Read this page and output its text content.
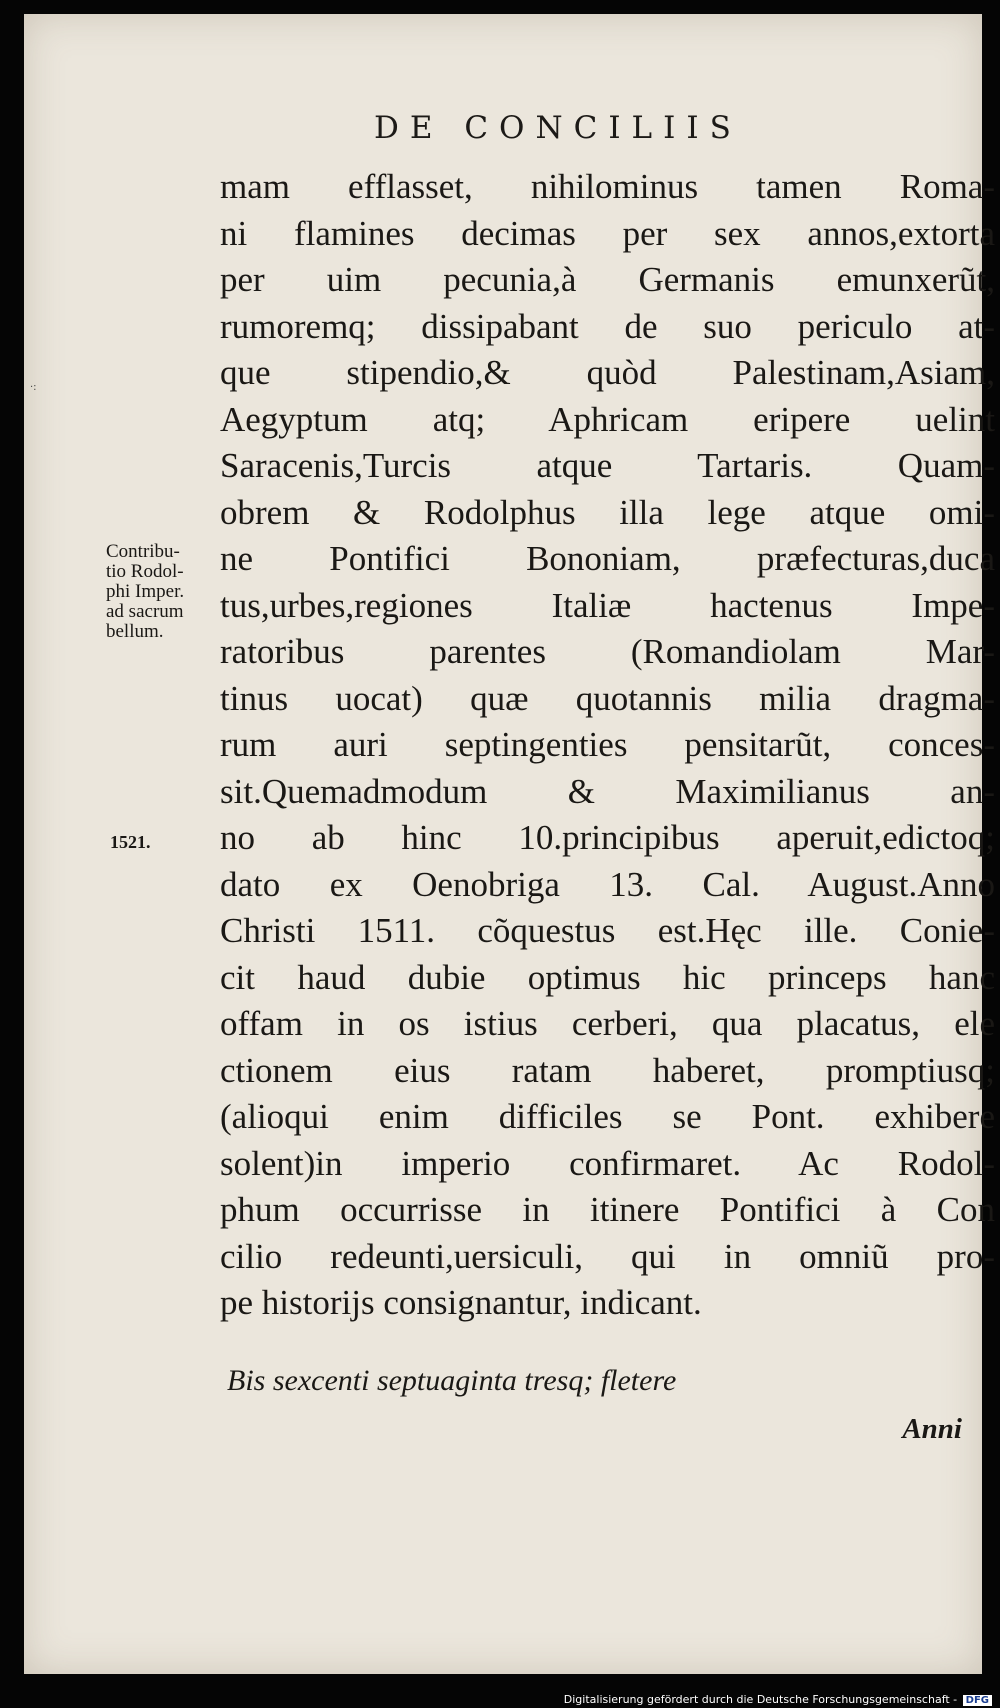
·:
DE CONCILIIS
Contribu-
tio Rodol-
phi Imper.
ad sacrum
bellum.
1521.
mam efflasset, nihilominus tamen Roma-
ni flamines decimas per sex annos,extorta
per uim pecunia,à Germanis emunxerũt,
rumoremq; dissipabant de suo periculo at-
que stipendio,& quòd Palestinam,Asiam,
Aegyptum atq; Aphricam eripere uelint
Saracenis,Turcis atque Tartaris. Quam-
obrem & Rodolphus illa lege atque omi-
ne Pontifici Bononiam, præfecturas,duca
tus,urbes,regiones Italiæ hactenus Impe-
ratoribus parentes (Romandiolam Mar-
tinus uocat) quæ quotannis milia dragma-
rum auri septingenties pensitarũt, conces-
sit.Quemadmodum & Maximilianus an-
no ab hinc 10.principibus aperuit,edictoq;
dato ex Oenobriga 13. Cal. August.Anno
Christi 1511. cõquestus est.Hęc ille. Conie-
cit haud dubie optimus hic princeps hanc
offam in os istius cerberi, qua placatus, ele
ctionem eius ratam haberet, promptiusq;
(alioqui enim difficiles se Pont. exhibere
solent)in imperio confirmaret. Ac Rodol-
phum occurrisse in itinere Pontifici à Con
cilio redeunti,uersiculi, qui in omniũ pro-
pe historijs consignantur, indicant.
Bis sexcenti septuaginta tresq; fletere
Anni
Digitalisierung gefördert durch die Deutsche Forschungsgemeinschaft - DFG
